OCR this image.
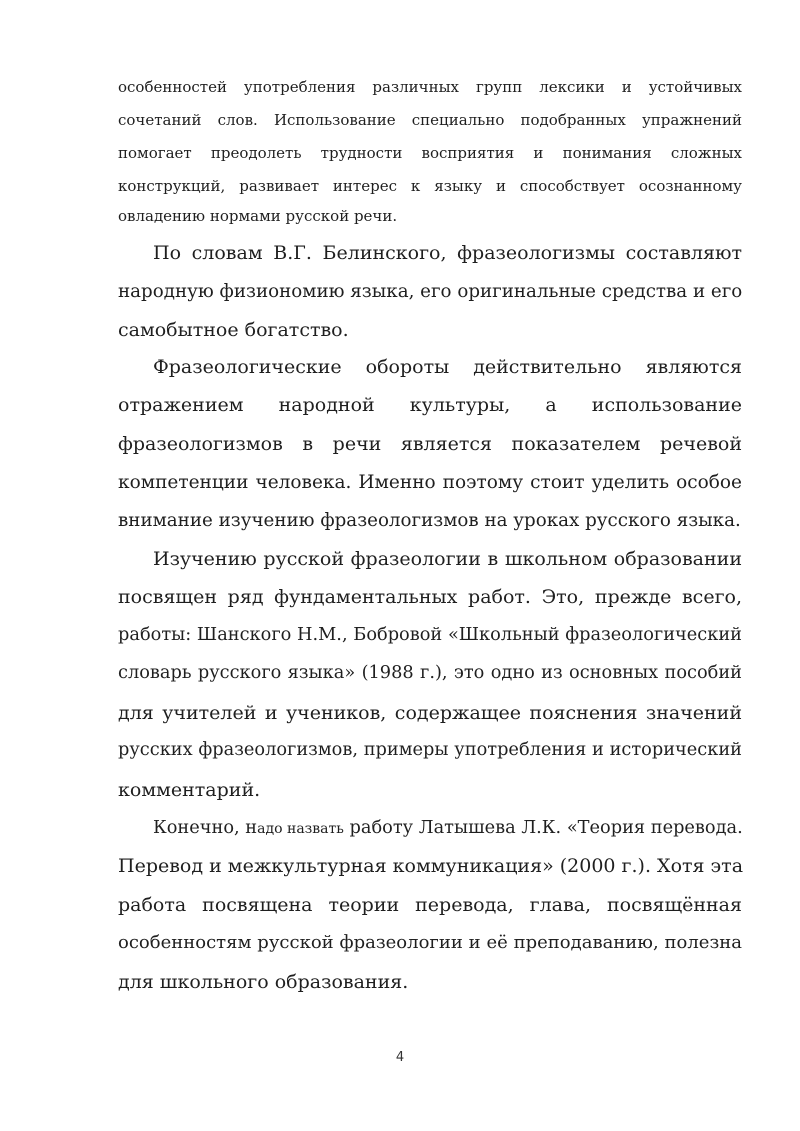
особенностей употребления различных групп лексики и устойчивых

сочетаний слов. Использование специально подобранных упражнений

помогает преодолеть трудности восприятия и понимания сложных

конструкций, развивает интерес к языку и способствует осознанному

овладению нормами русской речи.

По словам В.Г. Белинского, фразеологизмы составляют

народную физиономию языка, его оригинальные средства и его

самобытное богатство.

Фразеологические обороты действительно являются

отражением народной культуры, а использование

фразеологизмов в речи является показателем речевой

компетенции человека. Именно поэтому стоит уделить особое

внимание изучению фразеологизмов на уроках русского языка.

Изучению русской фразеологии в школьном образовании

посвящен ряд фундаментальных работ. Это, прежде всего,

работы: Шанского Н.М., Бобровой «Школьный фразеологический

словарь русского языка» (1988 г.), это одно из основных пособий

для учителей и учеников, содержащее пояснения значений

русских фразеологизмов, примеры употребления и исторический

комментарий.

Конечно, надо назвать работу Латышева Л.К. «Теория перевода.

Перевод и межкультурная коммуникация» (2000 г.). Хотя эта

работа посвящена теории перевода, глава, посвящённая

особенностям русской фразеологии и её преподаванию, полезна

для школьного образования.

4
